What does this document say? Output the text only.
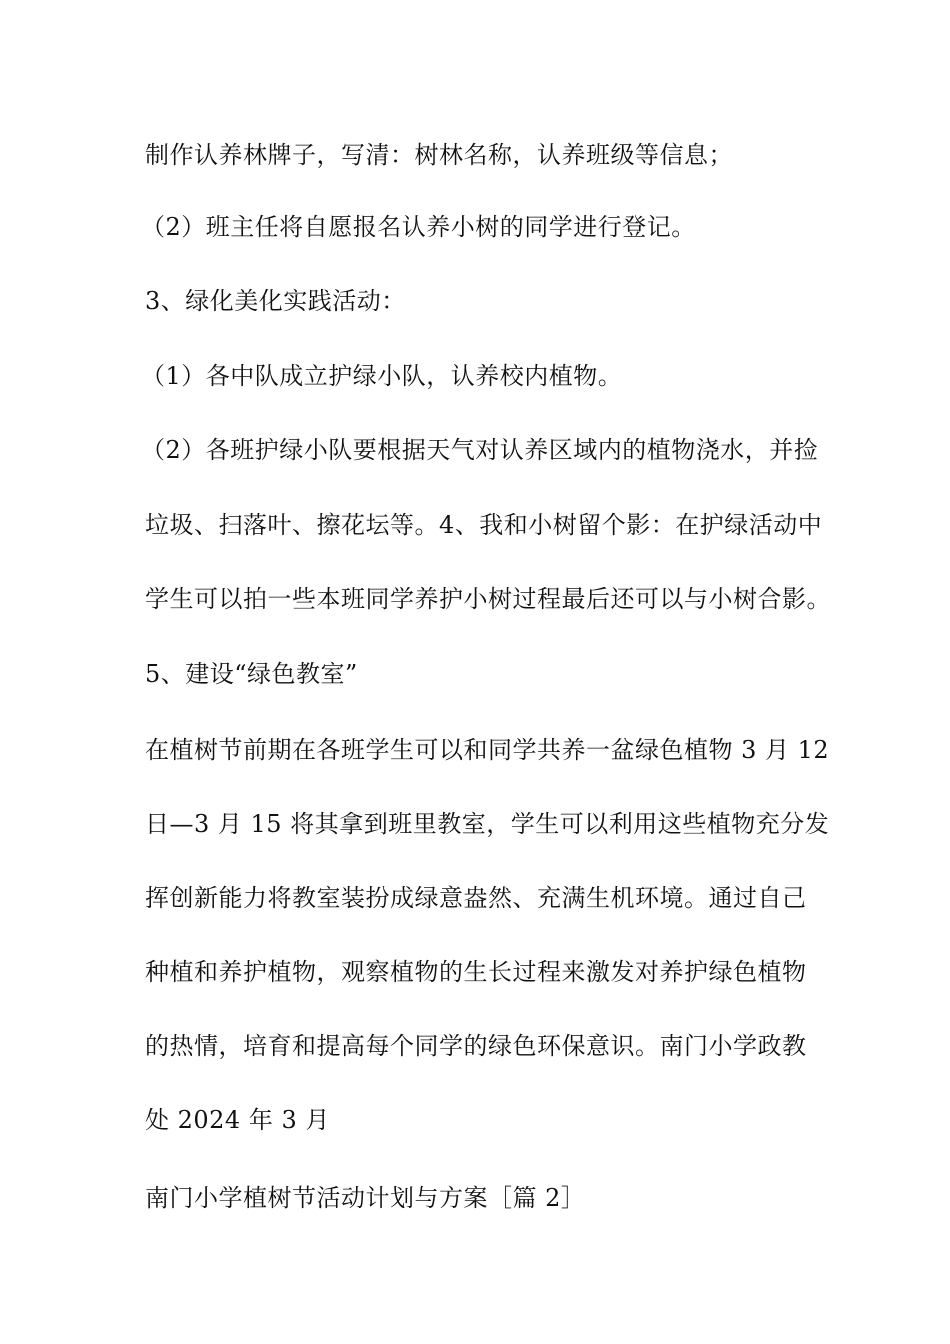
制作认养林牌子，写清：树林名称，认养班级等信息；
（2）班主任将自愿报名认养小树的同学进行登记。
3、绿化美化实践活动：
（1）各中队成立护绿小队，认养校内植物。
（2）各班护绿小队要根据天气对认养区域内的植物浇水，并捡
垃圾、扫落叶、擦花坛等。4、我和小树留个影：在护绿活动中
学生可以拍一些本班同学养护小树过程最后还可以与小树合影。
5、建设“绿色教室”
在植树节前期在各班学生可以和同学共养一盆绿色植物 3 月 12
日—3 月 15 将其拿到班里教室，学生可以利用这些植物充分发
挥创新能力将教室装扮成绿意盎然、充满生机环境。通过自己
种植和养护植物，观察植物的生长过程来激发对养护绿色植物
的热情，培育和提高每个同学的绿色环保意识。南门小学政教
处 2024 年 3 月
南门小学植树节活动计划与方案［篇 2］
